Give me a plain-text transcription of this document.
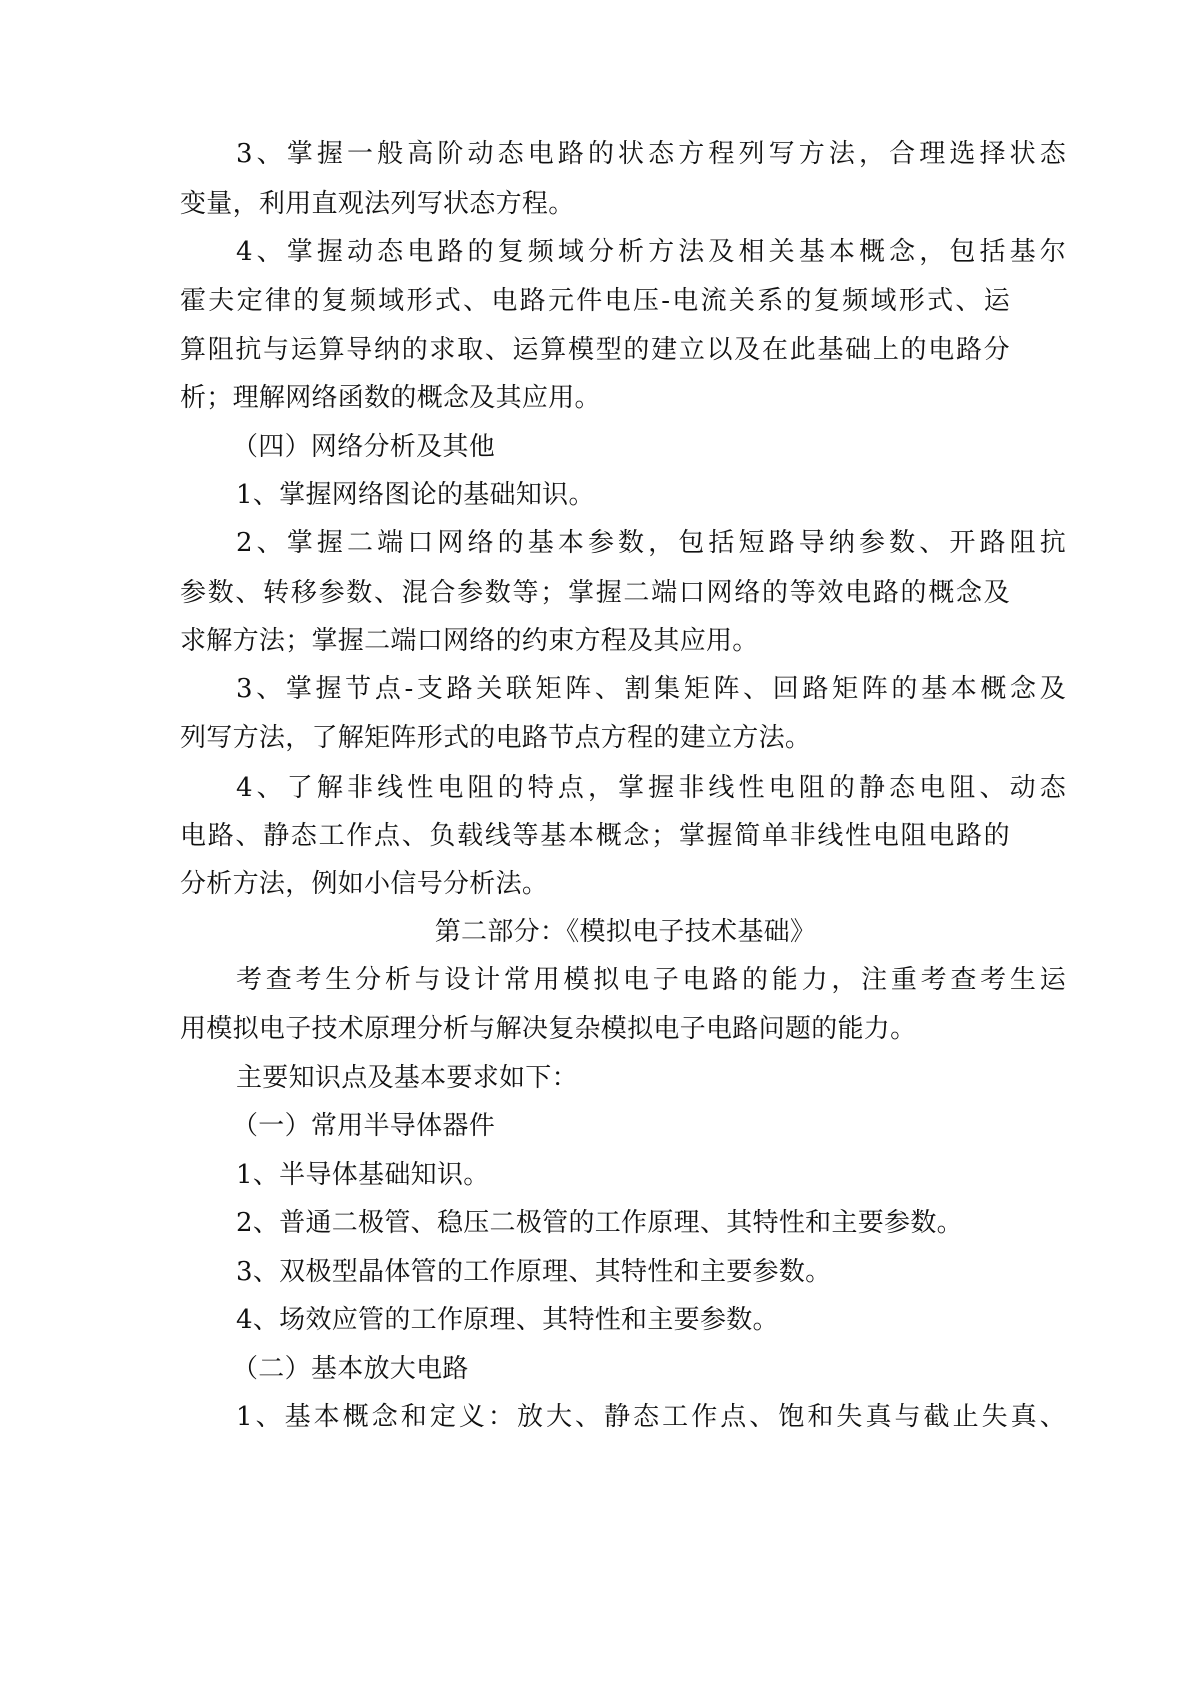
3、掌握一般高阶动态电路的状态方程列写方法，合理选择状态
变量，利用直观法列写状态方程。
4、掌握动态电路的复频域分析方法及相关基本概念，包括基尔
霍夫定律的复频域形式、电路元件电压-电流关系的复频域形式、运
算阻抗与运算导纳的求取、运算模型的建立以及在此基础上的电路分
析；理解网络函数的概念及其应用。
（四）网络分析及其他
1、掌握网络图论的基础知识。
2、掌握二端口网络的基本参数，包括短路导纳参数、开路阻抗
参数、转移参数、混合参数等；掌握二端口网络的等效电路的概念及
求解方法；掌握二端口网络的约束方程及其应用。
3、掌握节点-支路关联矩阵、割集矩阵、回路矩阵的基本概念及
列写方法，了解矩阵形式的电路节点方程的建立方法。
4、了解非线性电阻的特点，掌握非线性电阻的静态电阻、动态
电路、静态工作点、负载线等基本概念；掌握简单非线性电阻电路的
分析方法，例如小信号分析法。
第二部分：《模拟电子技术基础》
考查考生分析与设计常用模拟电子电路的能力，注重考查考生运
用模拟电子技术原理分析与解决复杂模拟电子电路问题的能力。
主要知识点及基本要求如下：
（一）常用半导体器件
1、半导体基础知识。
2、普通二极管、稳压二极管的工作原理、其特性和主要参数。
3、双极型晶体管的工作原理、其特性和主要参数。
4、场效应管的工作原理、其特性和主要参数。
（二）基本放大电路
1、基本概念和定义：放大、静态工作点、饱和失真与截止失真、
